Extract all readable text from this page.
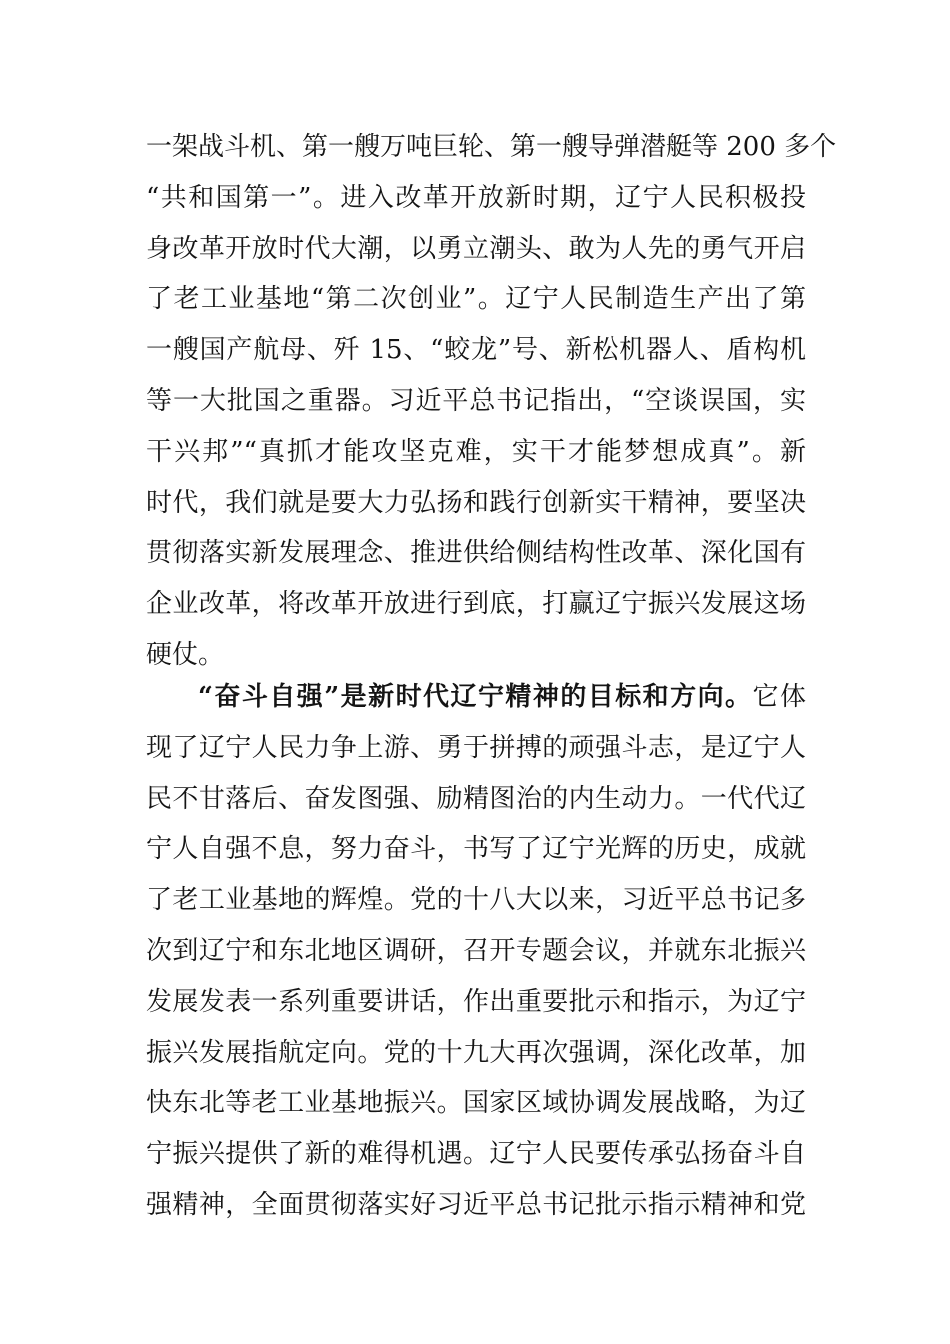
一架战斗机、第一艘万吨巨轮、第一艘导弹潜艇等 200 多个
“共和国第一”。进入改革开放新时期，辽宁人民积极投
身改革开放时代大潮，以勇立潮头、敢为人先的勇气开启
了老工业基地“第二次创业”。辽宁人民制造生产出了第
一艘国产航母、歼 15、“蛟龙”号、新松机器人、盾构机
等一大批国之重器。习近平总书记指出，“空谈误国，实
干兴邦”“真抓才能攻坚克难，实干才能梦想成真”。新
时代，我们就是要大力弘扬和践行创新实干精神，要坚决
贯彻落实新发展理念、推进供给侧结构性改革、深化国有
企业改革，将改革开放进行到底，打赢辽宁振兴发展这场
硬仗。
“奋斗自强”是新时代辽宁精神的目标和方向。它体
现了辽宁人民力争上游、勇于拼搏的顽强斗志，是辽宁人
民不甘落后、奋发图强、励精图治的内生动力。一代代辽
宁人自强不息，努力奋斗，书写了辽宁光辉的历史，成就
了老工业基地的辉煌。党的十八大以来，习近平总书记多
次到辽宁和东北地区调研，召开专题会议，并就东北振兴
发展发表一系列重要讲话，作出重要批示和指示，为辽宁
振兴发展指航定向。党的十九大再次强调，深化改革，加
快东北等老工业基地振兴。国家区域协调发展战略，为辽
宁振兴提供了新的难得机遇。辽宁人民要传承弘扬奋斗自
强精神，全面贯彻落实好习近平总书记批示指示精神和党
